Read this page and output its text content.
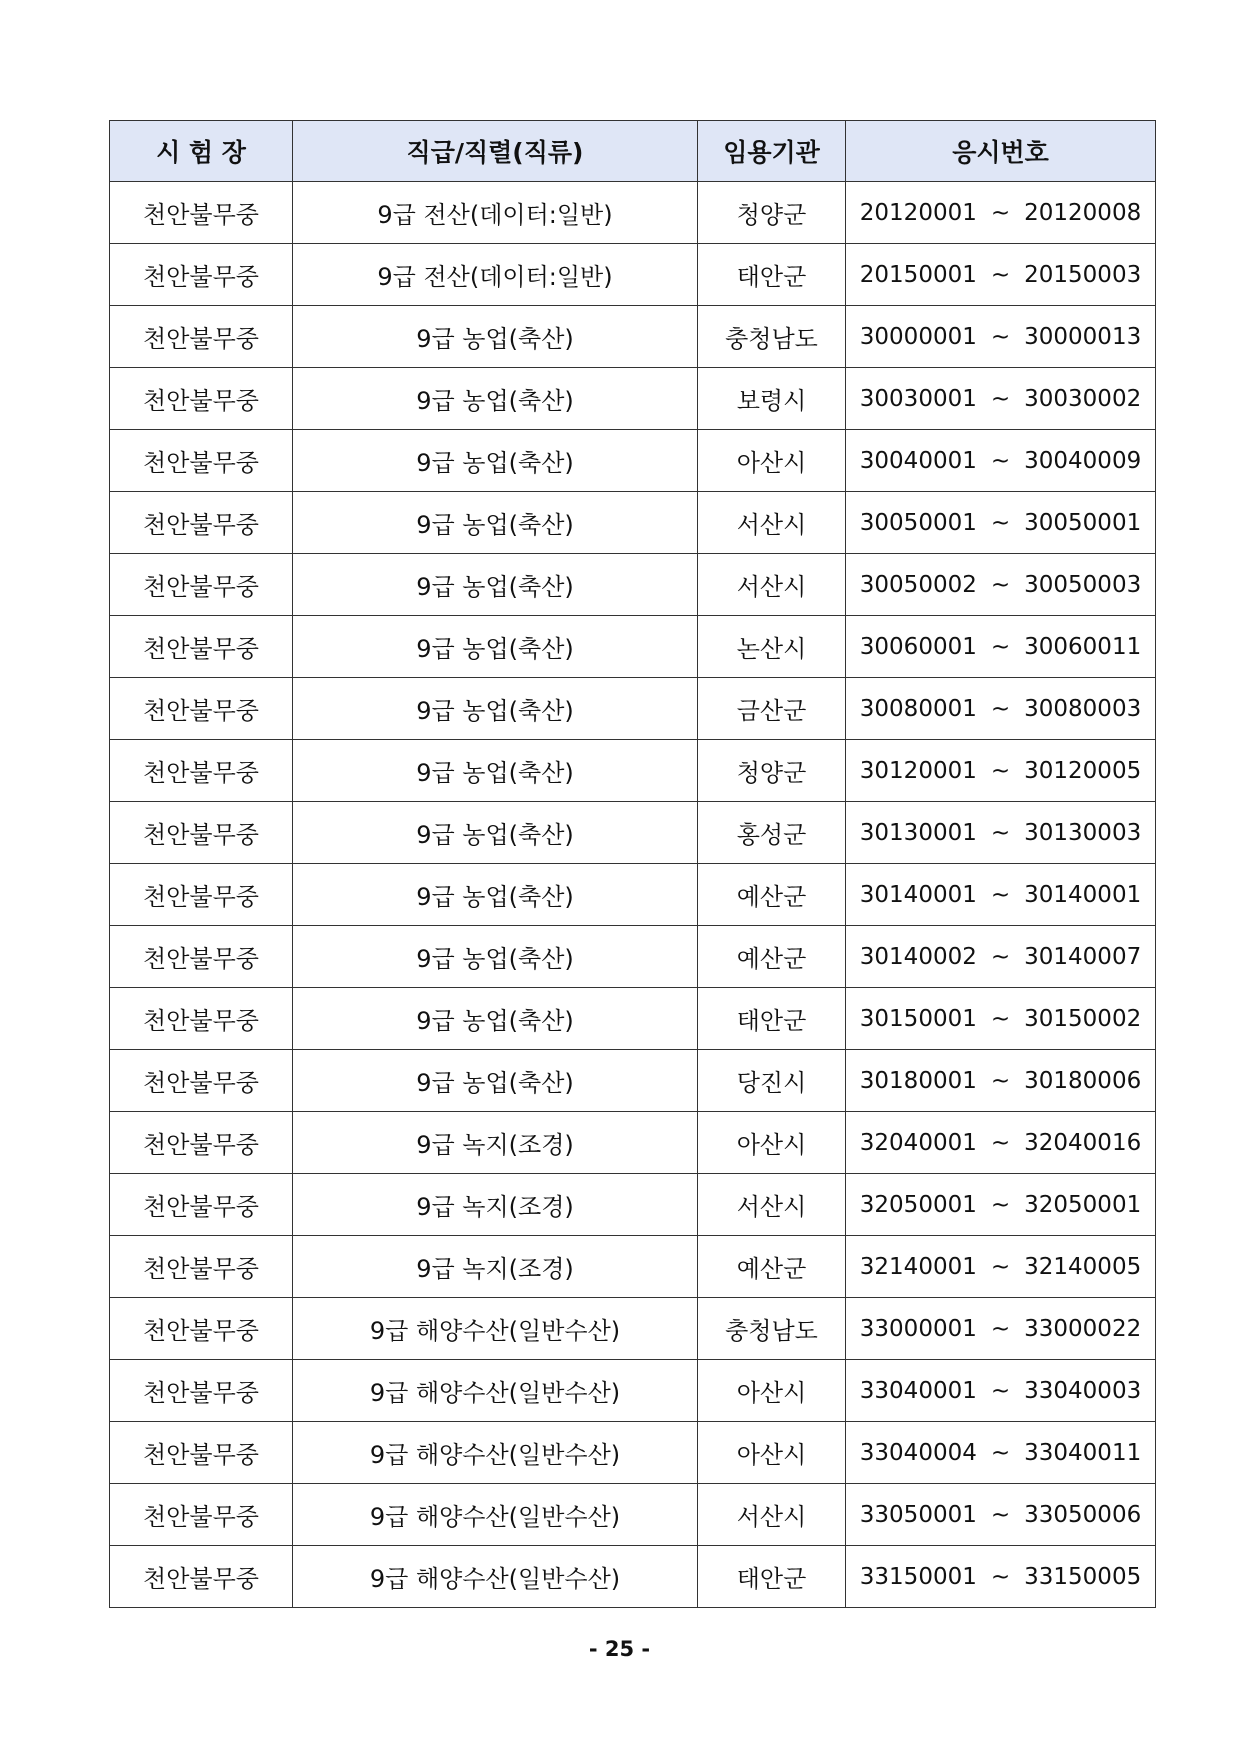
시 험 장	직급/직렬(직류)	임용기관	응시번호
천안불무중	9급 전산(데이터:일반)	청양군	20120001 ~ 20120008
천안불무중	9급 전산(데이터:일반)	태안군	20150001 ~ 20150003
천안불무중	9급 농업(축산)	충청남도	30000001 ~ 30000013
천안불무중	9급 농업(축산)	보령시	30030001 ~ 30030002
천안불무중	9급 농업(축산)	아산시	30040001 ~ 30040009
천안불무중	9급 농업(축산)	서산시	30050001 ~ 30050001
천안불무중	9급 농업(축산)	서산시	30050002 ~ 30050003
천안불무중	9급 농업(축산)	논산시	30060001 ~ 30060011
천안불무중	9급 농업(축산)	금산군	30080001 ~ 30080003
천안불무중	9급 농업(축산)	청양군	30120001 ~ 30120005
천안불무중	9급 농업(축산)	홍성군	30130001 ~ 30130003
천안불무중	9급 농업(축산)	예산군	30140001 ~ 30140001
천안불무중	9급 농업(축산)	예산군	30140002 ~ 30140007
천안불무중	9급 농업(축산)	태안군	30150001 ~ 30150002
천안불무중	9급 농업(축산)	당진시	30180001 ~ 30180006
천안불무중	9급 녹지(조경)	아산시	32040001 ~ 32040016
천안불무중	9급 녹지(조경)	서산시	32050001 ~ 32050001
천안불무중	9급 녹지(조경)	예산군	32140001 ~ 32140005
천안불무중	9급 해양수산(일반수산)	충청남도	33000001 ~ 33000022
천안불무중	9급 해양수산(일반수산)	아산시	33040001 ~ 33040003
천안불무중	9급 해양수산(일반수산)	아산시	33040004 ~ 33040011
천안불무중	9급 해양수산(일반수산)	서산시	33050001 ~ 33050006
천안불무중	9급 해양수산(일반수산)	태안군	33150001 ~ 33150005
- 25 -
